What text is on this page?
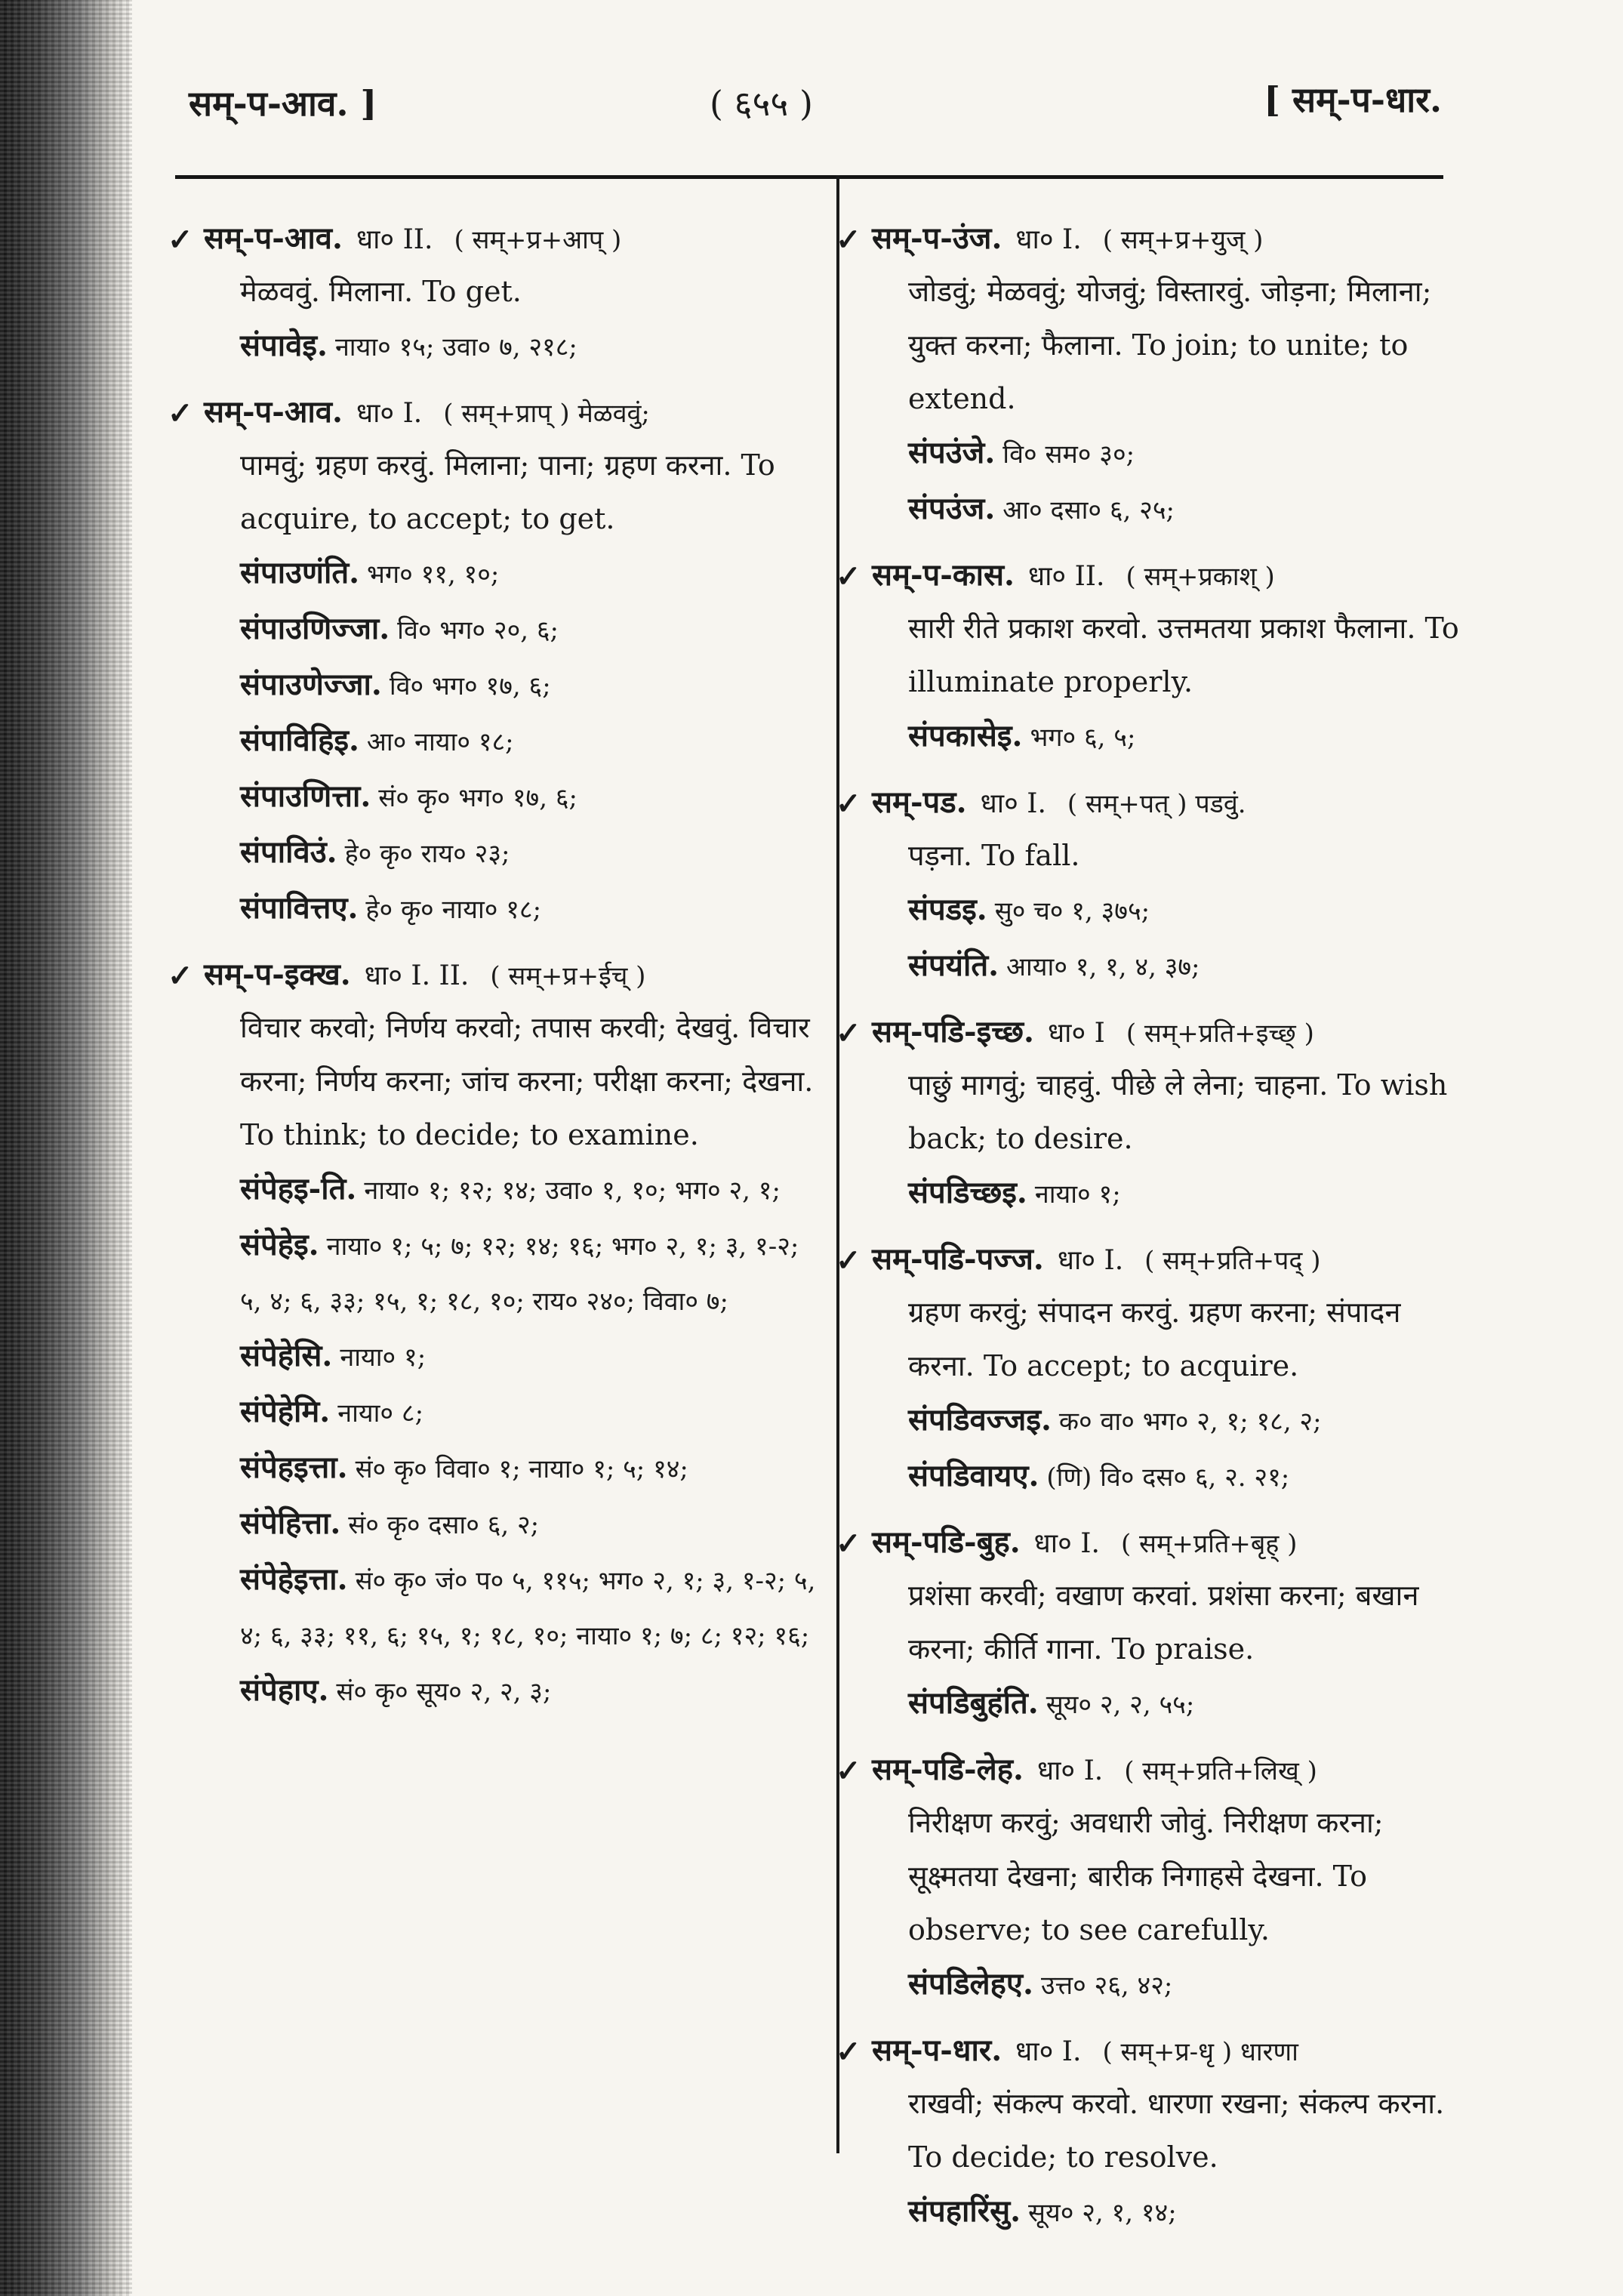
सम्-प-आव. ]	( ६५५ )	[ सम्-प-धार.
✓ सम्-प-आव. धा० II. ( सम्+प्र+आप् )
मेळववुं. मिलाना. To get.
संपावेइ. नाया० १५; उवा० ७, २१८;
✓ सम्-प-आव. धा० I. ( सम्+प्राप् ) मेळववुं;
पामवुं; ग्रहण करवुं. मिलाना; पाना; ग्रहण करना. To acquire, to accept; to get.
संपाउणंति. भग० ११, १०;
संपाउणिज्जा. वि० भग० २०, ६;
संपाउणेज्जा. वि० भग० १७, ६;
संपाविहिइ. आ० नाया० १८;
संपाउणित्ता. सं० कृ० भग० १७, ६;
संपाविउं. हे० कृ० राय० २३;
संपावित्तए. हे० कृ० नाया० १८;
✓ सम्-प-इक्ख. धा० I. II. ( सम्+प्र+ईच् )
विचार करवो; निर्णय करवो; तपास करवी; देखवुं. विचार करना; निर्णय करना; जांच करना; परीक्षा करना; देखना. To think; to decide; to examine.
संपेहइ-ति. नाया० १; १२; १४; उवा० १, १०; भग० २, १;
संपेहेइ. नाया० १; ५; ७; १२; १४; १६; भग० २, १; ३, १-२; ५, ४; ६, ३३; १५, १; १८, १०; राय० २४०; विवा० ७;
संपेहेसि. नाया० १;
संपेहेमि. नाया० ८;
संपेहइत्ता. सं० कृ० विवा० १; नाया० १; ५; १४;
संपेहित्ता. सं० कृ० दसा० ६, २;
संपेहेइत्ता. सं० कृ० जं० प० ५, ११५; भग० २, १; ३, १-२; ५, ४; ६, ३३; ११, ६; १५, १; १८, १०; नाया० १; ७; ८; १२; १६;
संपेहाए. सं० कृ० सूय० २, २, ३;
✓ सम्-प-उंज. धा० I. ( सम्+प्र+युज् )
जोडवुं; मेळववुं; योजवुं; विस्तारवुं. जोड़ना; मिलाना; युक्त करना; फैलाना. To join; to unite; to extend.
संपउंजे. वि० सम० ३०;
संपउंज. आ० दसा० ६, २५;
✓ सम्-प-कास. धा० II. ( सम्+प्रकाश् )
सारी रीते प्रकाश करवो. उत्तमतया प्रकाश फैलाना. To illuminate properly.
संपकासेइ. भग० ६, ५;
✓ सम्-पड. धा० I. ( सम्+पत् ) पडवुं.
पड़ना. To fall.
संपडइ. सु० च० १, ३७५;
संपयंति. आया० १, १, ४, ३७;
✓ सम्-पडि-इच्छ. धा० I ( सम्+प्रति+इच्छ् )
पाछुं मागवुं; चाहवुं. पीछे ले लेना; चाहना. To wish back; to desire.
संपडिच्छइ. नाया० १;
✓ सम्-पडि-पज्ज. धा० I. ( सम्+प्रति+पद् )
ग्रहण करवुं; संपादन करवुं. ग्रहण करना; संपादन करना. To accept; to acquire.
संपडिवज्जइ. क० वा० भग० २, १; १८, २;
संपडिवायए. (णि) वि० दस० ६, २. २१;
✓ सम्-पडि-बुह. धा० I. ( सम्+प्रति+बृह् )
प्रशंसा करवी; वखाण करवां. प्रशंसा करना; बखान करना; कीर्ति गाना. To praise.
संपडिबुहंति. सूय० २, २, ५५;
✓ सम्-पडि-लेह. धा० I. ( सम्+प्रति+लिख् )
निरीक्षण करवुं; अवधारी जोवुं. निरीक्षण करना; सूक्ष्मतया देखना; बारीक निगाहसे देखना. To observe; to see carefully.
संपडिलेहए. उत्त० २६, ४२;
✓ सम्-प-धार. धा० I. ( सम्+प्र-धृ ) धारणा
राखवी; संकल्प करवो. धारणा रखना; संकल्प करना. To decide; to resolve.
संपहारिंसु. सूय० २, १, १४;
